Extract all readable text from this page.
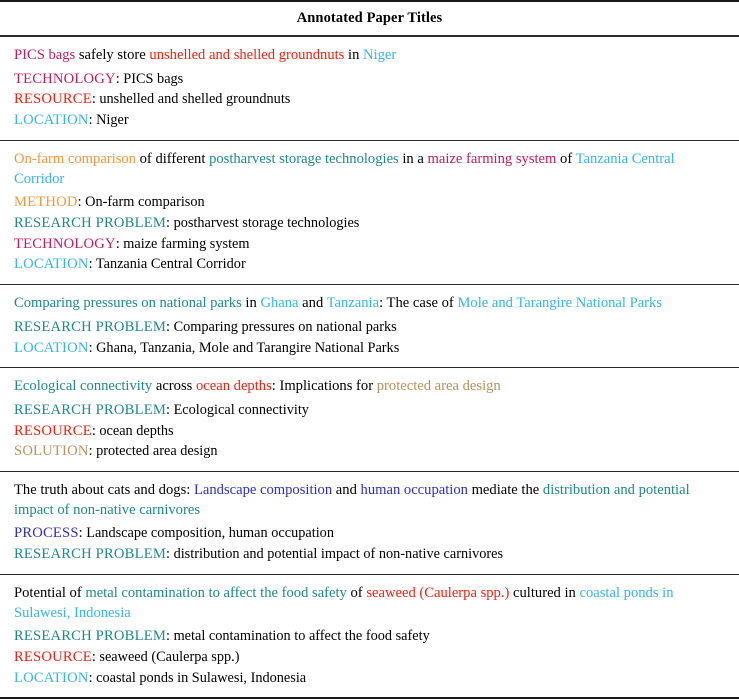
Annotated Paper Titles
PICS bags safely store unshelled and shelled groundnuts in Niger
TECHNOLOGY: PICS bags
RESOURCE: unshelled and shelled groundnuts
LOCATION: Niger
On-farm comparison of different postharvest storage technologies in a maize farming system of Tanzania Central Corridor
METHOD: On-farm comparison
RESEARCH PROBLEM: postharvest storage technologies
TECHNOLOGY: maize farming system
LOCATION: Tanzania Central Corridor
Comparing pressures on national parks in Ghana and Tanzania: The case of Mole and Tarangire National Parks
RESEARCH PROBLEM: Comparing pressures on national parks
LOCATION: Ghana, Tanzania, Mole and Tarangire National Parks
Ecological connectivity across ocean depths: Implications for protected area design
RESEARCH PROBLEM: Ecological connectivity
RESOURCE: ocean depths
SOLUTION: protected area design
The truth about cats and dogs: Landscape composition and human occupation mediate the distribution and potential impact of non-native carnivores
PROCESS: Landscape composition, human occupation
RESEARCH PROBLEM: distribution and potential impact of non-native carnivores
Potential of metal contamination to affect the food safety of seaweed (Caulerpa spp.) cultured in coastal ponds in Sulawesi, Indonesia
RESEARCH PROBLEM: metal contamination to affect the food safety
RESOURCE: seaweed (Caulerpa spp.)
LOCATION: coastal ponds in Sulawesi, Indonesia
